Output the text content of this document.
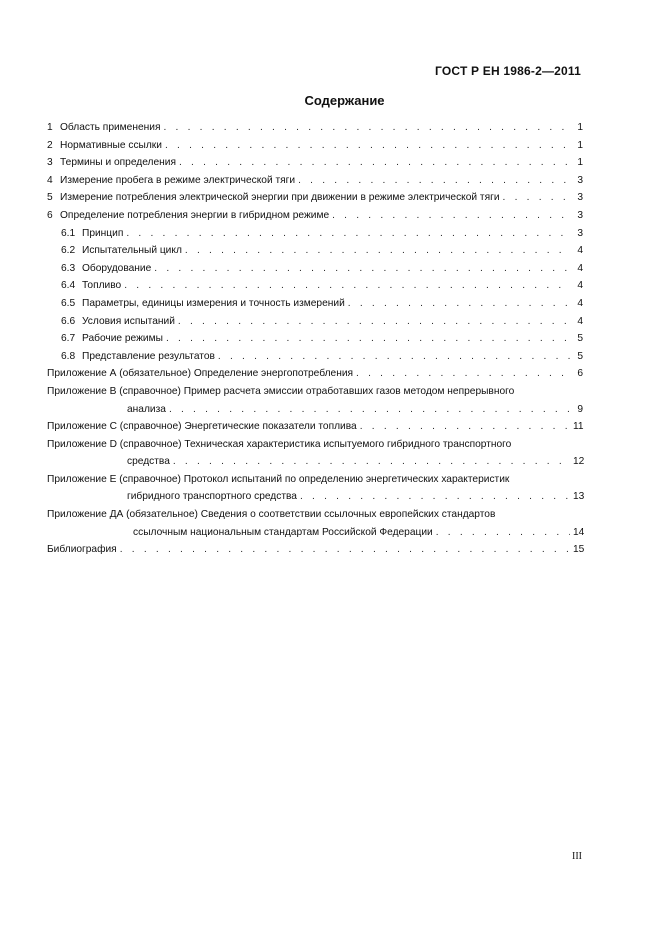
ГОСТ Р ЕН 1986-2—2011
Содержание
1 Область применения . . .	1
2 Нормативные ссылки . . .	1
3 Термины и определения . . .	1
4 Измерение пробега в режиме электрической тяги . . .	3
5 Измерение потребления электрической энергии при движении в режиме электрической тяги . . .	3
6 Определение потребления энергии в гибридном режиме . . .	3
6.1 Принцип . . .	3
6.2 Испытательный цикл . . .	4
6.3 Оборудование . . .	4
6.4 Топливо . . .	4
6.5 Параметры, единицы измерения и точность измерений . . .	4
6.6 Условия испытаний . . .	4
6.7 Рабочие режимы . . .	5
6.8 Представление результатов . . .	5
Приложение А (обязательное) Определение энергопотребления . . .	6
Приложение В (справочное) Пример расчета эмиссии отработавших газов методом непрерывного
анализа . . .	9
Приложение С (справочное) Энергетические показатели топлива . . .	11
Приложение D (справочное) Техническая характеристика испытуемого гибридного транспортного
средства . . .	12
Приложение Е (справочное) Протокол испытаний по определению энергетических характеристик
гибридного транспортного средства . . .	13
Приложение ДА (обязательное) Сведения о соответствии ссылочных европейских стандартов
ссылочным национальным стандартам Российской Федерации . . .	14
Библиография . . .	15
III
